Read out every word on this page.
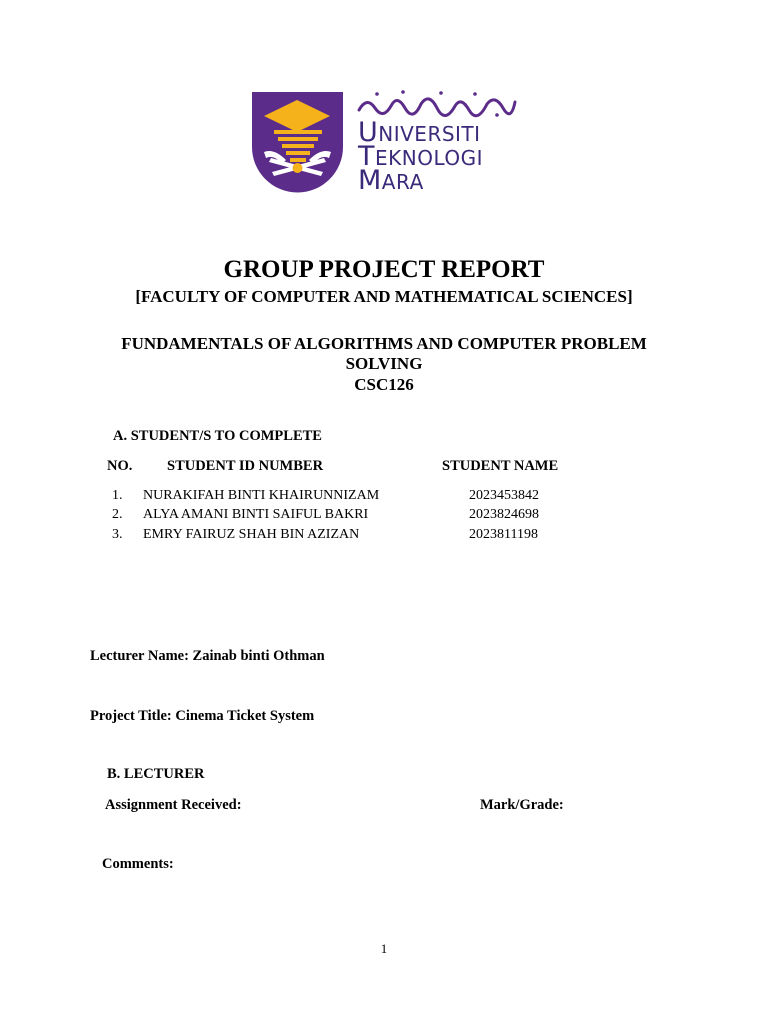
UNIVERSITI
TEKNOLOGI
MARA
GROUP PROJECT REPORT
[FACULTY OF COMPUTER AND MATHEMATICAL SCIENCES]
FUNDAMENTALS OF ALGORITHMS AND COMPUTER PROBLEM
SOLVING
CSC126
A. STUDENT/S TO COMPLETE
NO. STUDENT ID NUMBER	STUDENT NAME
1. NURAKIFAH BINTI KHAIRUNNIZAM	2023453842
2. ALYA AMANI BINTI SAIFUL BAKRI	2023824698
3. EMRY FAIRUZ SHAH BIN AZIZAN	2023811198
Lecturer Name: Zainab binti Othman
Project Title: Cinema Ticket System
B. LECTURER
Assignment Received:	Mark/Grade:
Comments:
1
